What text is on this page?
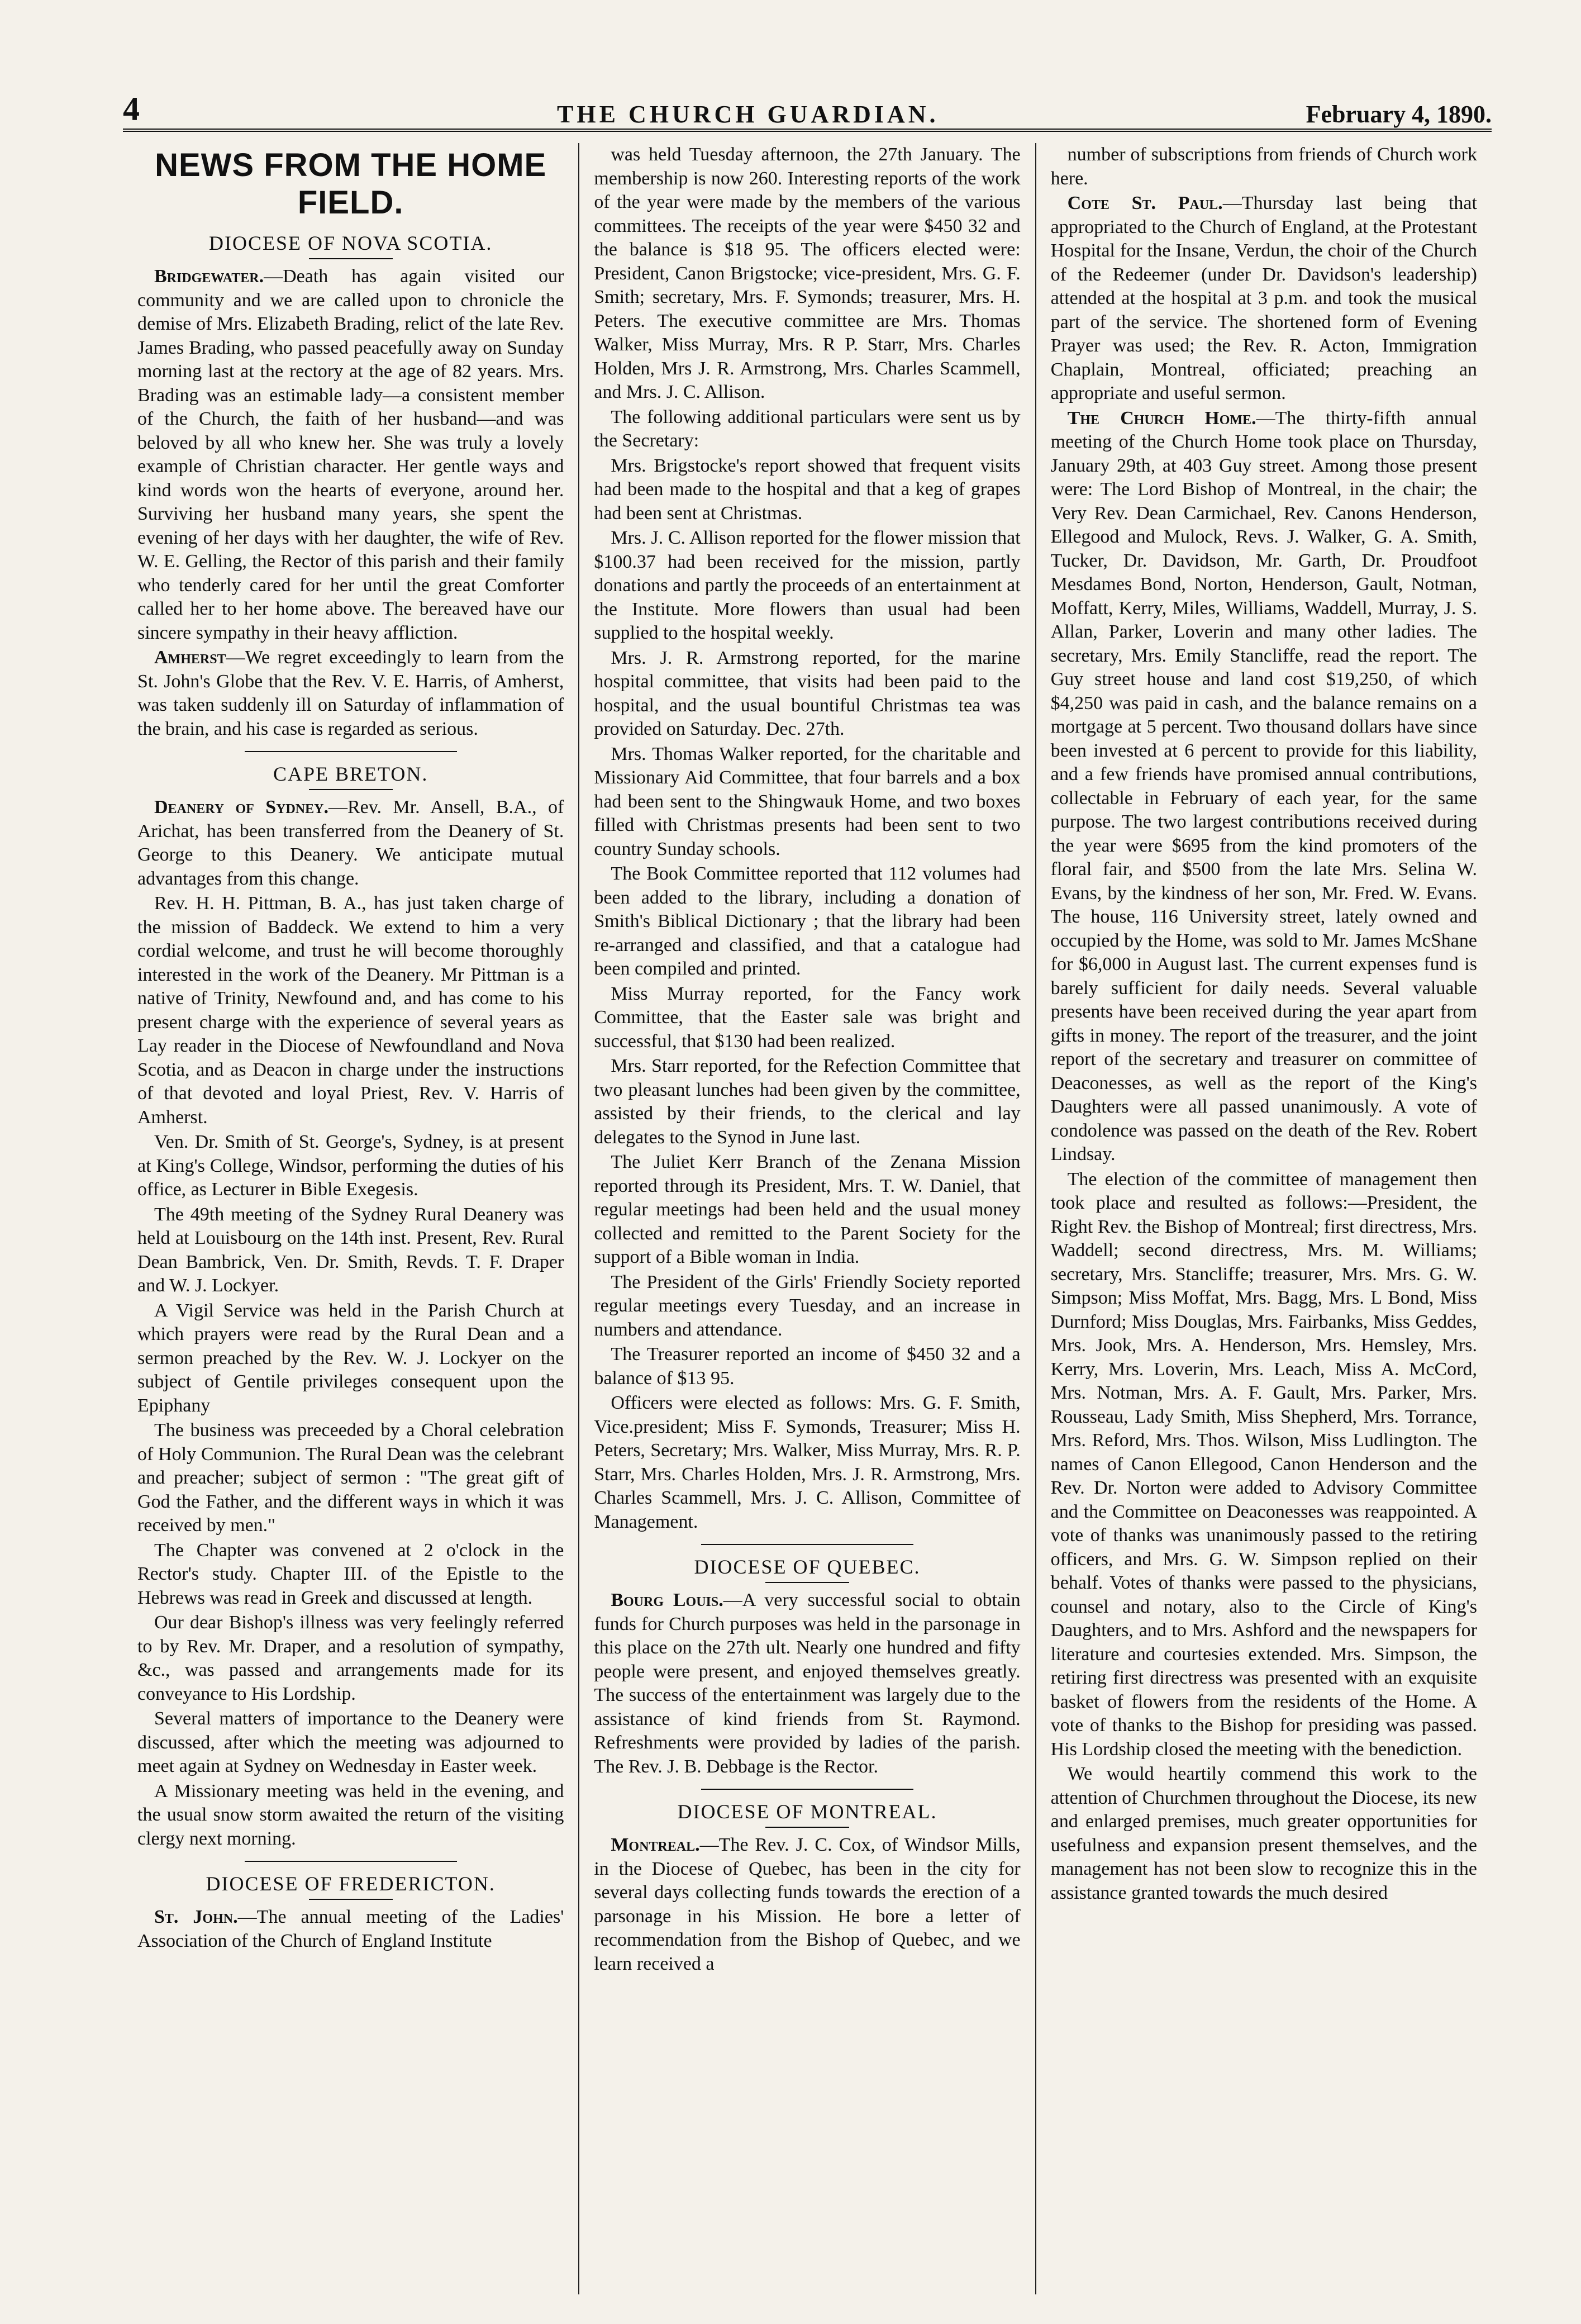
4	THE CHURCH GUARDIAN.	February 4, 1890.
NEWS FROM THE HOME FIELD.
DIOCESE OF NOVA SCOTIA.

Bridgewater.—Death has again visited our community and we are called upon to chronicle the demise of Mrs. Elizabeth Brading, relict of the late Rev. James Brading, who passed peacefully away on Sunday morning last at the rectory at the age of 82 years. Mrs. Brading was an estimable lady—a consistent member of the Church, the faith of her husband—and was beloved by all who knew her. She was truly a lovely example of Christian character. Her gentle ways and kind words won the hearts of everyone, around her. Surviving her husband many years, she spent the evening of her days with her daughter, the wife of Rev. W. E. Gelling, the Rector of this parish and their family who tenderly cared for her until the great Comforter called her to her home above. The bereaved have our sincere sympathy in their heavy affliction.

Amherst—We regret exceedingly to learn from the St. John's Globe that the Rev. V. E. Harris, of Amherst, was taken suddenly ill on Saturday of inflammation of the brain, and his case is regarded as serious.

CAPE BRETON.

Deanery of Sydney.—Rev. Mr. Ansell, B.A., of Arichat, has been transferred from the Deanery of St. George to this Deanery. We anticipate mutual advantages from this change.

Rev. H. H. Pittman, B. A., has just taken charge of the mission of Baddeck. We extend to him a very cordial welcome, and trust he will become thoroughly interested in the work of the Deanery. Mr Pittman is a native of Trinity, Newfound and, and has come to his present charge with the experience of several years as Lay reader in the Diocese of Newfoundland and Nova Scotia, and as Deacon in charge under the instructions of that devoted and loyal Priest, Rev. V. Harris of Amherst.

Ven. Dr. Smith of St. George's, Sydney, is at present at King's College, Windsor, performing the duties of his office, as Lecturer in Bible Exegesis.

The 49th meeting of the Sydney Rural Deanery was held at Louisbourg on the 14th inst. Present, Rev. Rural Dean Bambrick, Ven. Dr. Smith, Revds. T. F. Draper and W. J. Lockyer.

A Vigil Service was held in the Parish Church at which prayers were read by the Rural Dean and a sermon preached by the Rev. W. J. Lockyer on the subject of Gentile privileges consequent upon the Epiphany

The business was preceeded by a Choral celebration of Holy Communion. The Rural Dean was the celebrant and preacher; subject of sermon : "The great gift of God the Father, and the different ways in which it was received by men."

The Chapter was convened at 2 o'clock in the Rector's study. Chapter III. of the Epistle to the Hebrews was read in Greek and discussed at length.

Our dear Bishop's illness was very feelingly referred to by Rev. Mr. Draper, and a resolution of sympathy, &c., was passed and arrangements made for its conveyance to His Lordship.

Several matters of importance to the Deanery were discussed, after which the meeting was adjourned to meet again at Sydney on Wednesday in Easter week.

A Missionary meeting was held in the evening, and the usual snow storm awaited the return of the visiting clergy next morning.

DIOCESE OF FREDERICTON.

St. John.—The annual meeting of the Ladies' Association of the Church of England Institute

was held Tuesday afternoon, the 27th January. The membership is now 260. Interesting reports of the work of the year were made by the members of the various committees. The receipts of the year were $450 32 and the balance is $18 95. The officers elected were: President, Canon Brigstocke; vice-president, Mrs. G. F. Smith; secretary, Mrs. F. Symonds; treasurer, Mrs. H. Peters. The executive committee are Mrs. Thomas Walker, Miss Murray, Mrs. R P. Starr, Mrs. Charles Holden, Mrs J. R. Armstrong, Mrs. Charles Scammell, and Mrs. J. C. Allison.

The following additional particulars were sent us by the Secretary:

Mrs. Brigstocke's report showed that frequent visits had been made to the hospital and that a keg of grapes had been sent at Christmas.

Mrs. J. C. Allison reported for the flower mission that $100.37 had been received for the mission, partly donations and partly the proceeds of an entertainment at the Institute. More flowers than usual had been supplied to the hospital weekly.

Mrs. J. R. Armstrong reported, for the marine hospital committee, that visits had been paid to the hospital, and the usual bountiful Christmas tea was provided on Saturday. Dec. 27th.

Mrs. Thomas Walker reported, for the charitable and Missionary Aid Committee, that four barrels and a box had been sent to the Shingwauk Home, and two boxes filled with Christmas presents had been sent to two country Sunday schools.

The Book Committee reported that 112 volumes had been added to the library, including a donation of Smith's Biblical Dictionary ; that the library had been re-arranged and classified, and that a catalogue had been compiled and printed.

Miss Murray reported, for the Fancy work Committee, that the Easter sale was bright and successful, that $130 had been realized.

Mrs. Starr reported, for the Refection Committee that two pleasant lunches had been given by the committee, assisted by their friends, to the clerical and lay delegates to the Synod in June last.

The Juliet Kerr Branch of the Zenana Mission reported through its President, Mrs. T. W. Daniel, that regular meetings had been held and the usual money collected and remitted to the Parent Society for the support of a Bible woman in India.

The President of the Girls' Friendly Society reported regular meetings every Tuesday, and an increase in numbers and attendance.

The Treasurer reported an income of $450 32 and a balance of $13 95.

Officers were elected as follows: Mrs. G. F. Smith, Vice.president; Miss F. Symonds, Treasurer; Miss H. Peters, Secretary; Mrs. Walker, Miss Murray, Mrs. R. P. Starr, Mrs. Charles Holden, Mrs. J. R. Armstrong, Mrs. Charles Scammell, Mrs. J. C. Allison, Committee of Management.

DIOCESE OF QUEBEC.

Bourg Louis.—A very successful social to obtain funds for Church purposes was held in the parsonage in this place on the 27th ult. Nearly one hundred and fifty people were present, and enjoyed themselves greatly. The success of the entertainment was largely due to the assistance of kind friends from St. Raymond. Refreshments were provided by ladies of the parish. The Rev. J. B. Debbage is the Rector.

DIOCESE OF MONTREAL.

Montreal.—The Rev. J. C. Cox, of Windsor Mills, in the Diocese of Quebec, has been in the city for several days collecting funds towards the erection of a parsonage in his Mission. He bore a letter of recommendation from the Bishop of Quebec, and we learn received a

number of subscriptions from friends of Church work here.

Cote St. Paul.—Thursday last being that appropriated to the Church of England, at the Protestant Hospital for the Insane, Verdun, the choir of the Church of the Redeemer (under Dr. Davidson's leadership) attended at the hospital at 3 p.m. and took the musical part of the service. The shortened form of Evening Prayer was used; the Rev. R. Acton, Immigration Chaplain, Montreal, officiated; preaching an appropriate and useful sermon.

The Church Home.—The thirty-fifth annual meeting of the Church Home took place on Thursday, January 29th, at 403 Guy street. Among those present were: The Lord Bishop of Montreal, in the chair; the Very Rev. Dean Carmichael, Rev. Canons Henderson, Ellegood and Mulock, Revs. J. Walker, G. A. Smith, Tucker, Dr. Davidson, Mr. Garth, Dr. Proudfoot Mesdames Bond, Norton, Henderson, Gault, Notman, Moffatt, Kerry, Miles, Williams, Waddell, Murray, J. S. Allan, Parker, Loverin and many other ladies. The secretary, Mrs. Emily Stancliffe, read the report. The Guy street house and land cost $19,250, of which $4,250 was paid in cash, and the balance remains on a mortgage at 5 percent. Two thousand dollars have since been invested at 6 percent to provide for this liability, and a few friends have promised annual contributions, collectable in February of each year, for the same purpose. The two largest contributions received during the year were $695 from the kind promoters of the floral fair, and $500 from the late Mrs. Selina W. Evans, by the kindness of her son, Mr. Fred. W. Evans. The house, 116 University street, lately owned and occupied by the Home, was sold to Mr. James McShane for $6,000 in August last. The current expenses fund is barely sufficient for daily needs. Several valuable presents have been received during the year apart from gifts in money. The report of the treasurer, and the joint report of the secretary and treasurer on committee of Deaconesses, as well as the report of the King's Daughters were all passed unanimously. A vote of condolence was passed on the death of the Rev. Robert Lindsay.

The election of the committee of management then took place and resulted as follows:—President, the Right Rev. the Bishop of Montreal; first directress, Mrs. Waddell; second directress, Mrs. M. Williams; secretary, Mrs. Stancliffe; treasurer, Mrs. Mrs. G. W. Simpson; Miss Moffat, Mrs. Bagg, Mrs. L Bond, Miss Durnford; Miss Douglas, Mrs. Fairbanks, Miss Geddes, Mrs. Jook, Mrs. A. Henderson, Mrs. Hemsley, Mrs. Kerry, Mrs. Loverin, Mrs. Leach, Miss A. McCord, Mrs. Notman, Mrs. A. F. Gault, Mrs. Parker, Mrs. Rousseau, Lady Smith, Miss Shepherd, Mrs. Torrance, Mrs. Reford, Mrs. Thos. Wilson, Miss Ludlington. The names of Canon Ellegood, Canon Henderson and the Rev. Dr. Norton were added to Advisory Committee and the Committee on Deaconesses was reappointed. A vote of thanks was unanimously passed to the retiring officers, and Mrs. G. W. Simpson replied on their behalf. Votes of thanks were passed to the physicians, counsel and notary, also to the Circle of King's Daughters, and to Mrs. Ashford and the newspapers for literature and courtesies extended. Mrs. Simpson, the retiring first directress was presented with an exquisite basket of flowers from the residents of the Home. A vote of thanks to the Bishop for presiding was passed. His Lordship closed the meeting with the benediction.

We would heartily commend this work to the attention of Churchmen throughout the Diocese, its new and enlarged premises, much greater opportunities for usefulness and expansion present themselves, and the management has not been slow to recognize this in the assistance granted towards the much desired
